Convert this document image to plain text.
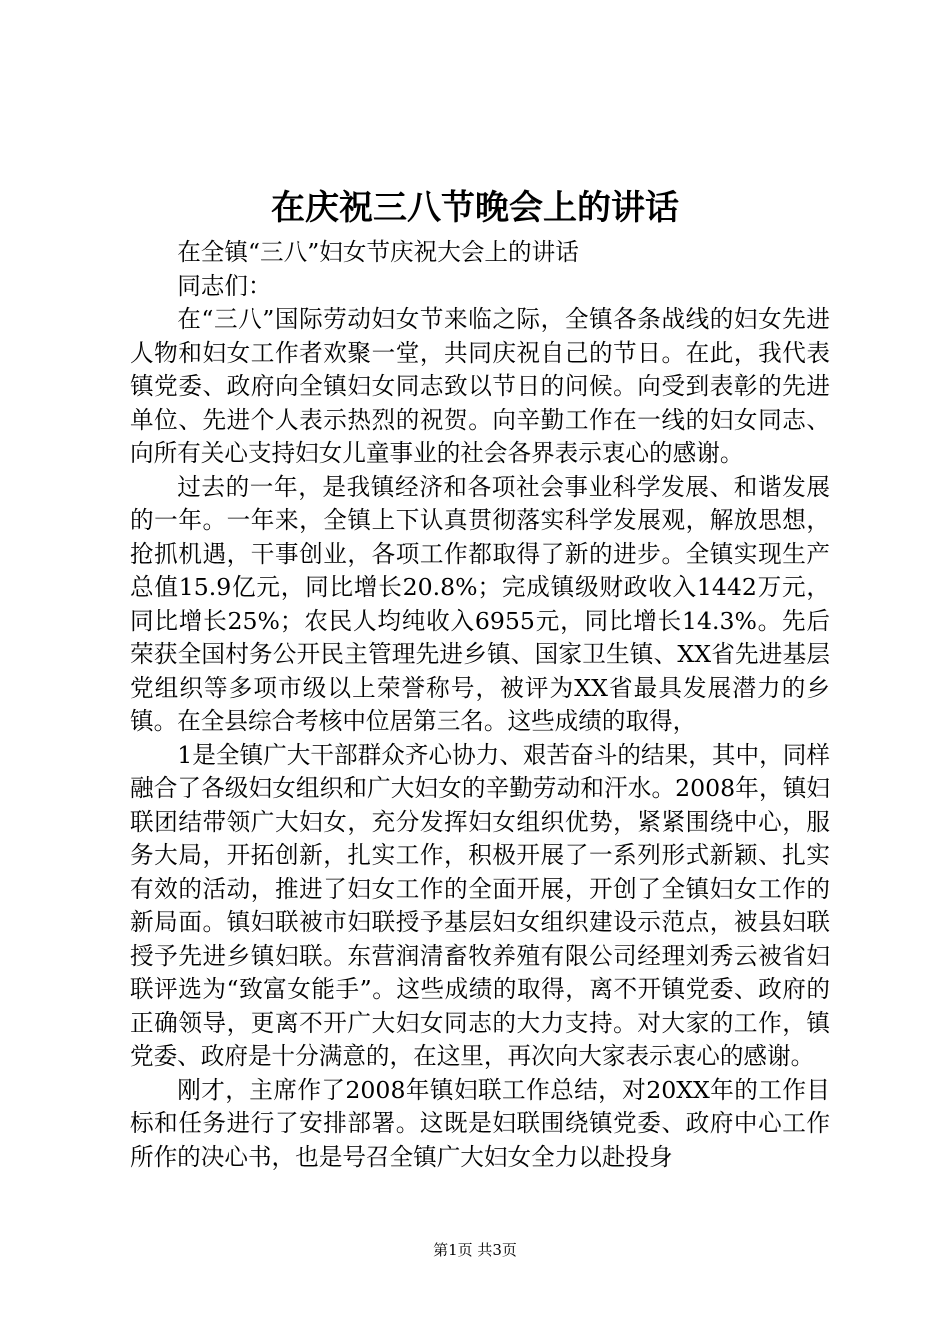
在庆祝三八节晚会上的讲话

在全镇“三八”妇女节庆祝大会上的讲话

同志们：

在“三八”国际劳动妇女节来临之际，全镇各条战线的妇女先进人物和妇女工作者欢聚一堂，共同庆祝自己的节日。在此，我代表镇党委、政府向全镇妇女同志致以节日的问候。向受到表彰的先进单位、先进个人表示热烈的祝贺。向辛勤工作在一线的妇女同志、向所有关心支持妇女儿童事业的社会各界表示衷心的感谢。

过去的一年，是我镇经济和各项社会事业科学发展、和谐发展的一年。一年来，全镇上下认真贯彻落实科学发展观，解放思想，抢抓机遇，干事创业，各项工作都取得了新的进步。全镇实现生产总值15.9亿元，同比增长20.8%；完成镇级财政收入1442万元，同比增长25%；农民人均纯收入6955元，同比增长14.3%。先后荣获全国村务公开民主管理先进乡镇、国家卫生镇、XX省先进基层党组织等多项市级以上荣誉称号，被评为XX省最具发展潜力的乡镇。在全县综合考核中位居第三名。这些成绩的取得，

1是全镇广大干部群众齐心协力、艰苦奋斗的结果，其中，同样融合了各级妇女组织和广大妇女的辛勤劳动和汗水。2008年，镇妇联团结带领广大妇女，充分发挥妇女组织优势，紧紧围绕中心，服务大局，开拓创新，扎实工作，积极开展了一系列形式新颖、扎实有效的活动，推进了妇女工作的全面开展，开创了全镇妇女工作的新局面。镇妇联被市妇联授予基层妇女组织建设示范点，被县妇联授予先进乡镇妇联。东营润清畜牧养殖有限公司经理刘秀云被省妇联评选为“致富女能手”。这些成绩的取得，离不开镇党委、政府的正确领导，更离不开广大妇女同志的大力支持。对大家的工作，镇党委、政府是十分满意的，在这里，再次向大家表示衷心的感谢。

刚才，主席作了2008年镇妇联工作总结，对20XX年的工作目标和任务进行了安排部署。这既是妇联围绕镇党委、政府中心工作所作的决心书，也是号召全镇广大妇女全力以赴投身

第1页 共3页
